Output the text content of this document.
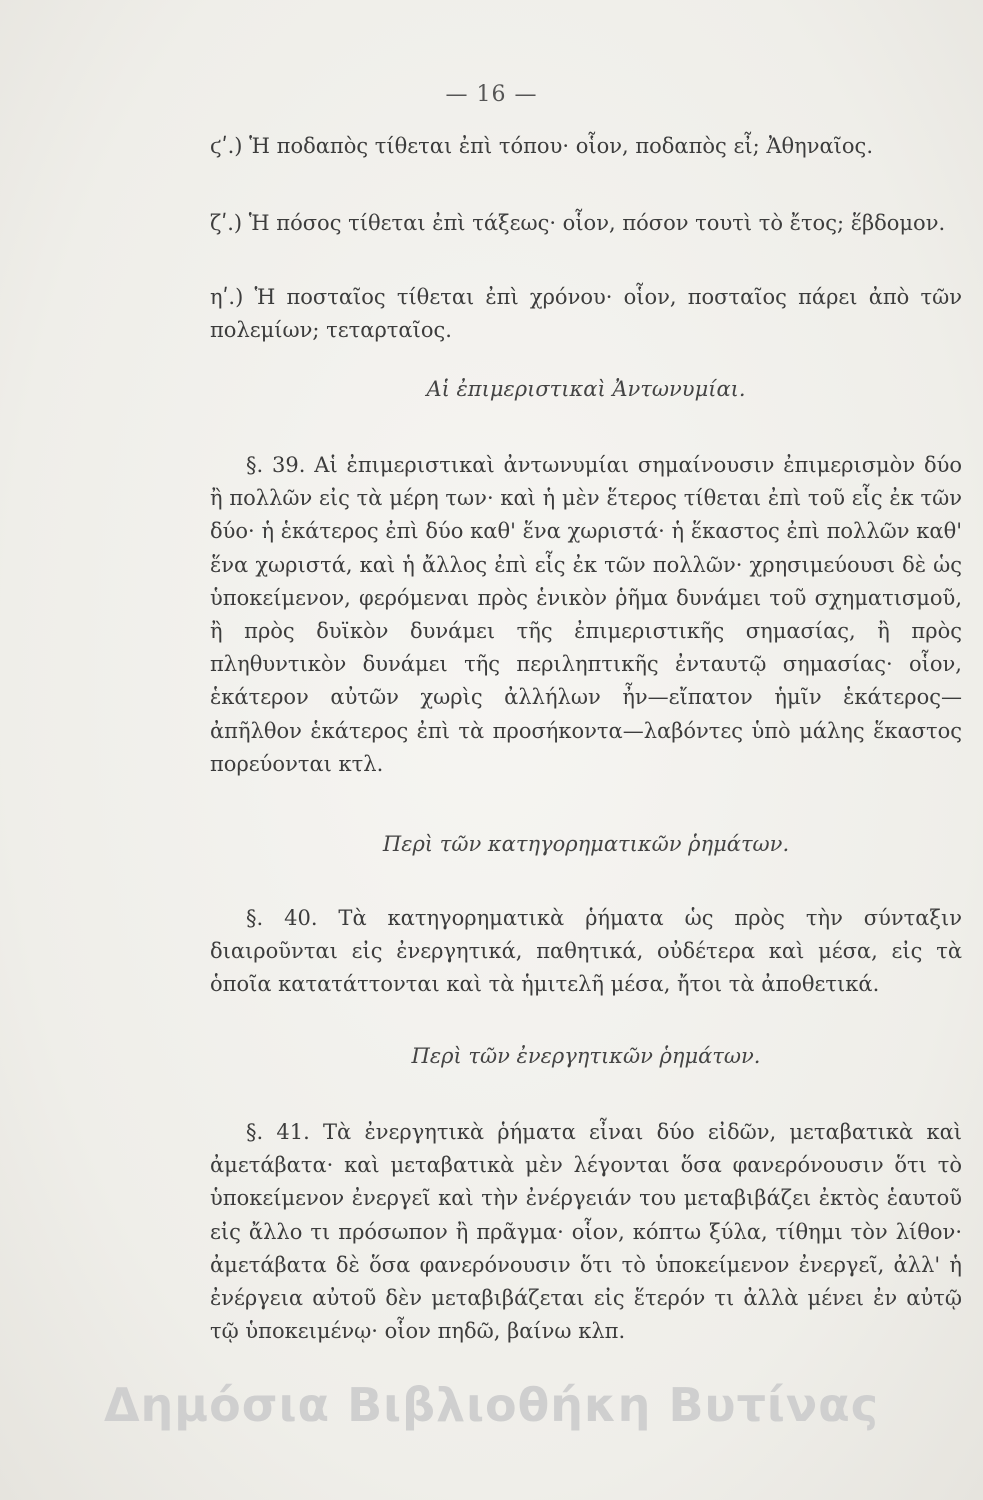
— 16 —

ϛʹ.) Ἡ ποδαπὸς τίθεται ἐπὶ τόπου· οἷον, ποδαπὸς εἶ; Ἀθηναῖος.

ζʹ.) Ἡ πόσος τίθεται ἐπὶ τάξεως· οἷον, πόσον τουτὶ τὸ ἔτος; ἕβδομον.

ηʹ.) Ἡ ποσταῖος τίθεται ἐπὶ χρόνου· οἷον, ποσταῖος πάρει ἀπὸ τῶν πολεμίων; τεταρταῖος.

Αἱ ἐπιμεριστικαὶ Ἀντωνυμίαι.

§. 39. Αἱ ἐπιμεριστικαὶ ἀντωνυμίαι σημαίνουσιν ἐπιμερισμὸν δύο ἢ πολλῶν εἰς τὰ μέρη των· καὶ ἡ μὲν ἕτερος τίθεται ἐπὶ τοῦ εἷς ἐκ τῶν δύο· ἡ ἑκάτερος ἐπὶ δύο καθ' ἕνα χωριστά· ἡ ἕκαστος ἐπὶ πολλῶν καθ' ἕνα χωριστά, καὶ ἡ ἄλλος ἐπὶ εἷς ἐκ τῶν πολλῶν· χρησιμεύουσι δὲ ὡς ὑποκείμενον, φερόμεναι πρὸς ἑνικὸν ῥῆμα δυνάμει τοῦ σχηματισμοῦ, ἢ πρὸς δυϊκὸν δυνάμει τῆς ἐπιμεριστικῆς σημασίας, ἢ πρὸς πληθυντικὸν δυνάμει τῆς περιληπτικῆς ἐνταυτῷ σημασίας· οἷον, ἑκάτερον αὐτῶν χωρὶς ἀλλήλων ἦν—εἴπατον ἡμῖν ἑκάτερος—ἀπῆλθον ἑκάτερος ἐπὶ τὰ προσήκοντα—λαβόντες ὑπὸ μάλης ἕκαστος πορεύονται κτλ.

Περὶ τῶν κατηγορηματικῶν ῥημάτων.

§. 40. Τὰ κατηγορηματικὰ ῥήματα ὡς πρὸς τὴν σύνταξιν διαιροῦνται εἰς ἐνεργητικά, παθητικά, οὐδέτερα καὶ μέσα, εἰς τὰ ὁποῖα κατατάττονται καὶ τὰ ἡμιτελῆ μέσα, ἤτοι τὰ ἀποθετικά.

Περὶ τῶν ἐνεργητικῶν ῥημάτων.

§. 41. Τὰ ἐνεργητικὰ ῥήματα εἶναι δύο εἰδῶν, μεταβατικὰ καὶ ἀμετάβατα· καὶ μεταβατικὰ μὲν λέγονται ὅσα φανερόνουσιν ὅτι τὸ ὑποκείμενον ἐνεργεῖ καὶ τὴν ἐνέργειάν του μεταβιβάζει ἐκτὸς ἑαυτοῦ εἰς ἄλλο τι πρόσωπον ἢ πρᾶγμα· οἷον, κόπτω ξύλα, τίθημι τὸν λίθον· ἀμετάβατα δὲ ὅσα φανερόνουσιν ὅτι τὸ ὑποκείμενον ἐνεργεῖ, ἀλλ' ἡ ἐνέργεια αὐτοῦ δὲν μεταβιβάζεται εἰς ἕτερόν τι ἀλλὰ μένει ἐν αὐτῷ τῷ ὑποκειμένῳ· οἷον πηδῶ, βαίνω κλπ.

Δημόσια Βιβλιοθήκη Βυτίνας
